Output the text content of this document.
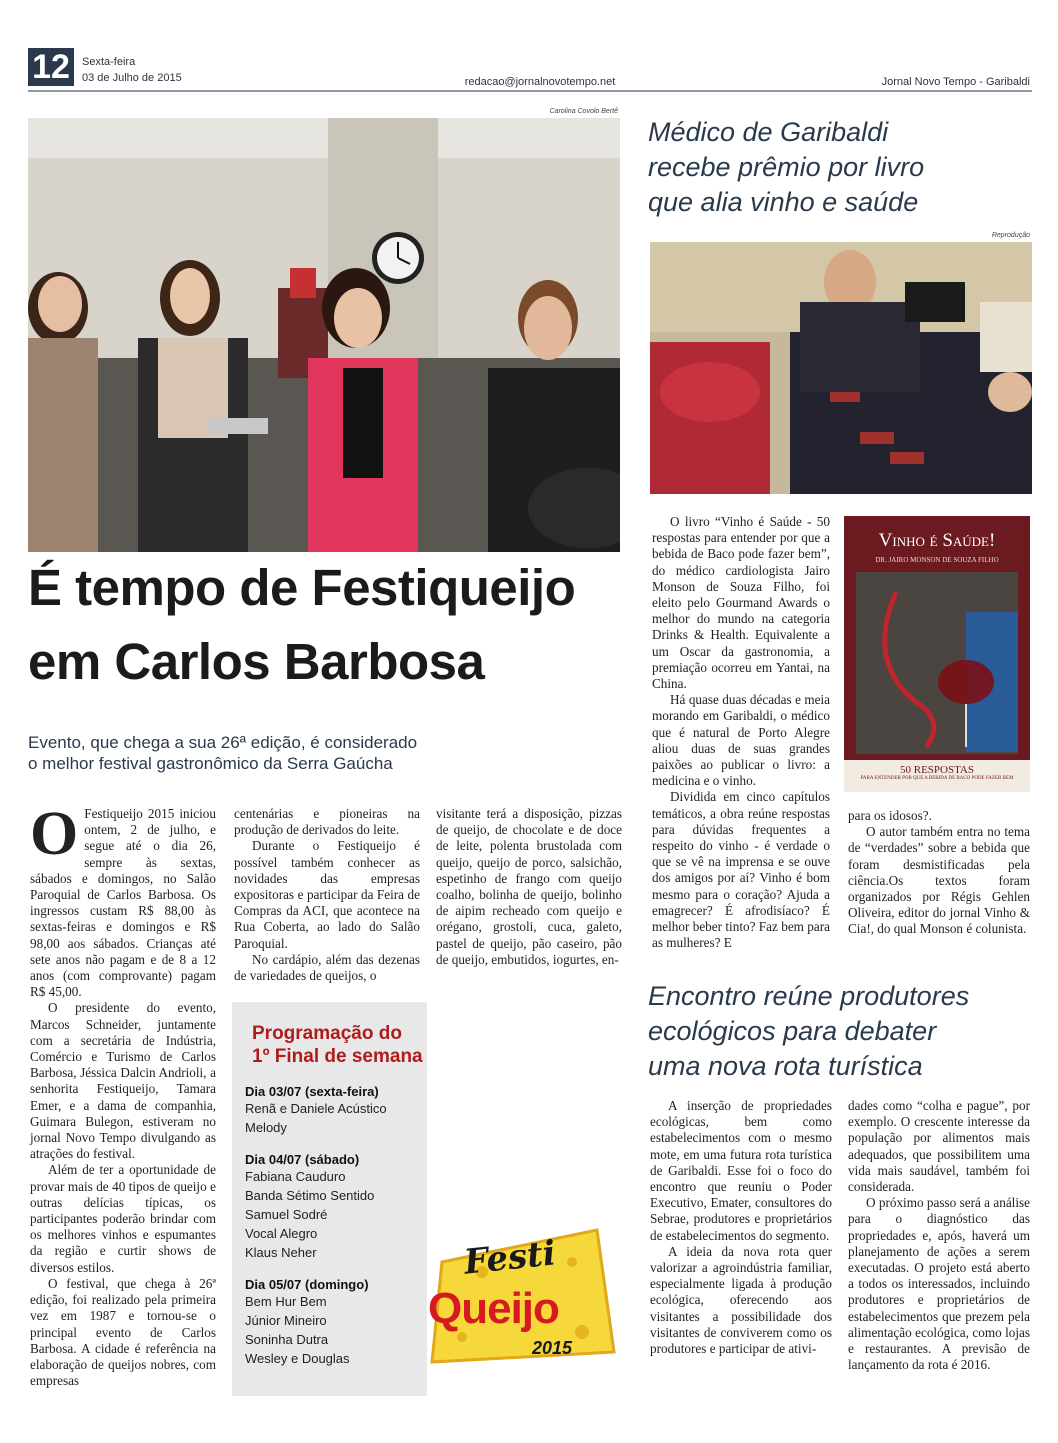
12	Sexta-feira
03 de Julho de 2015	redacao@jornalnovotempo.net	Jornal Novo Tempo - Garibaldi
Carolina Covolo Bertê
É tempo de Festiqueijo
em Carlos Barbosa
Evento, que chega a sua 26ª edição, é considerado
o melhor festival gastronômico da Serra Gaúcha
O Festiqueijo 2015 iniciou ontem, 2 de julho, e segue até o dia 26, sempre às sextas, sábados e domingos, no Salão Paroquial de Carlos Barbosa. Os ingressos custam R$ 88,00 às sextas-feiras e domingos e R$ 98,00 aos sábados. Crianças até sete anos não pagam e de 8 a 12 anos (com comprovante) pagam R$ 45,00.

O presidente do evento, Marcos Schneider, juntamente com a secretária de Indústria, Comércio e Turismo de Carlos Barbosa, Jéssica Dalcin Andrioli, a senhorita Festiqueijo, Tamara Emer, e a dama de companhia, Guimara Bulegon, estiveram no jornal Novo Tempo divulgando as atrações do festival.

Além de ter a oportunidade de provar mais de 40 tipos de queijo e outras delícias típicas, os participantes poderão brindar com os melhores vinhos e espumantes da região e curtir shows de diversos estilos.

O festival, que chega à 26ª edição, foi realizado pela primeira vez em 1987 e tornou-se o principal evento de Carlos Barbosa. A cidade é referência na elaboração de queijos nobres, com empresas

centenárias e pioneiras na produção de derivados do leite.

Durante o Festiqueijo é possível também conhecer as novidades das empresas expositoras e participar da Feira de Compras da ACI, que acontece na Rua Coberta, ao lado do Salão Paroquial.

No cardápio, além das dezenas de variedades de queijos, o

visitante terá a disposição, pizzas de queijo, de chocolate e de doce de leite, polenta brustolada com queijo, queijo de porco, salsichão, espetinho de frango com queijo coalho, bolinha de queijo, bolinho de aipim recheado com queijo e orégano, grostoli, cuca, galeto, pastel de queijo, pão caseiro, pão de queijo, embutidos, iogurtes, en-

Programação do
1º Final de semana
Dia 03/07 (sexta-feira)
Renã e Daniele Acústico
Melody
Dia 04/07 (sábado)
Fabiana Cauduro
Banda Sétimo Sentido
Samuel Sodré
Vocal Alegro
Klaus Neher
Dia 05/07 (domingo)
Bem Hur Bem
Júnior Mineiro
Soninha Dutra
Wesley e Douglas
Festi
Queijo
2015
Médico de Garibaldi
recebe prêmio por livro
que alia vinho e saúde
Reprodução

O livro “Vinho é Saúde - 50 respostas para entender por que a bebida de Baco pode fazer bem”, do médico cardiologista Jairo Monson de Souza Filho, foi eleito pelo Gourmand Awards o melhor do mundo na categoria Drinks & Health. Equivalente a um Oscar da gastronomia, a premiação ocorreu em Yantai, na China.

Há quase duas décadas e meia morando em Garibaldi, o médico que é natural de Porto Alegre aliou duas de suas grandes paixões ao publicar o livro: a medicina e o vinho.

Dividida em cinco capítulos temáticos, a obra reúne respostas para dúvidas frequentes a respeito do vinho - é verdade o que se vê na imprensa e se ouve dos amigos por aí? Vinho é bom mesmo para o coração? Ajuda a emagrecer? É afrodisíaco? É melhor beber tinto? Faz bem para as mulheres? E

Vinho é Saúde!
DR. JAIRO MONSON DE SOUZA FILHO
50 RESPOSTAS
PARA ENTENDER POR QUE A BEBIDA DE BACO PODE FAZER BEM

para os idosos?.

O autor também entra no tema de “verdades” sobre a bebida que foram desmistificadas pela ciência.Os textos foram organizados por Régis Gehlen Oliveira, editor do jornal Vinho & Cia!, do qual Monson é colunista.

Encontro reúne produtores
ecológicos para debater
uma nova rota turística

A inserção de propriedades ecológicas, bem como estabelecimentos com o mesmo mote, em uma futura rota turística de Garibaldi. Esse foi o foco do encontro que reuniu o Poder Executivo, Emater, consultores do Sebrae, produtores e proprietários de estabelecimentos do segmento.

A ideia da nova rota quer valorizar a agroindústria familiar, especialmente ligada à produção ecológica, oferecendo aos visitantes a possibilidade dos visitantes de conviverem como os produtores e participar de ativi-

dades como “colha e pague”, por exemplo. O crescente interesse da população por alimentos mais adequados, que possibilitem uma vida mais saudável, também foi considerada.

O próximo passo será a análise para o diagnóstico das propriedades e, após, haverá um planejamento de ações a serem executadas. O projeto está aberto a todos os interessados, incluindo produtores e proprietários de estabelecimentos que prezem pela alimentação ecológica, como lojas e restaurantes. A previsão de lançamento da rota é 2016.
